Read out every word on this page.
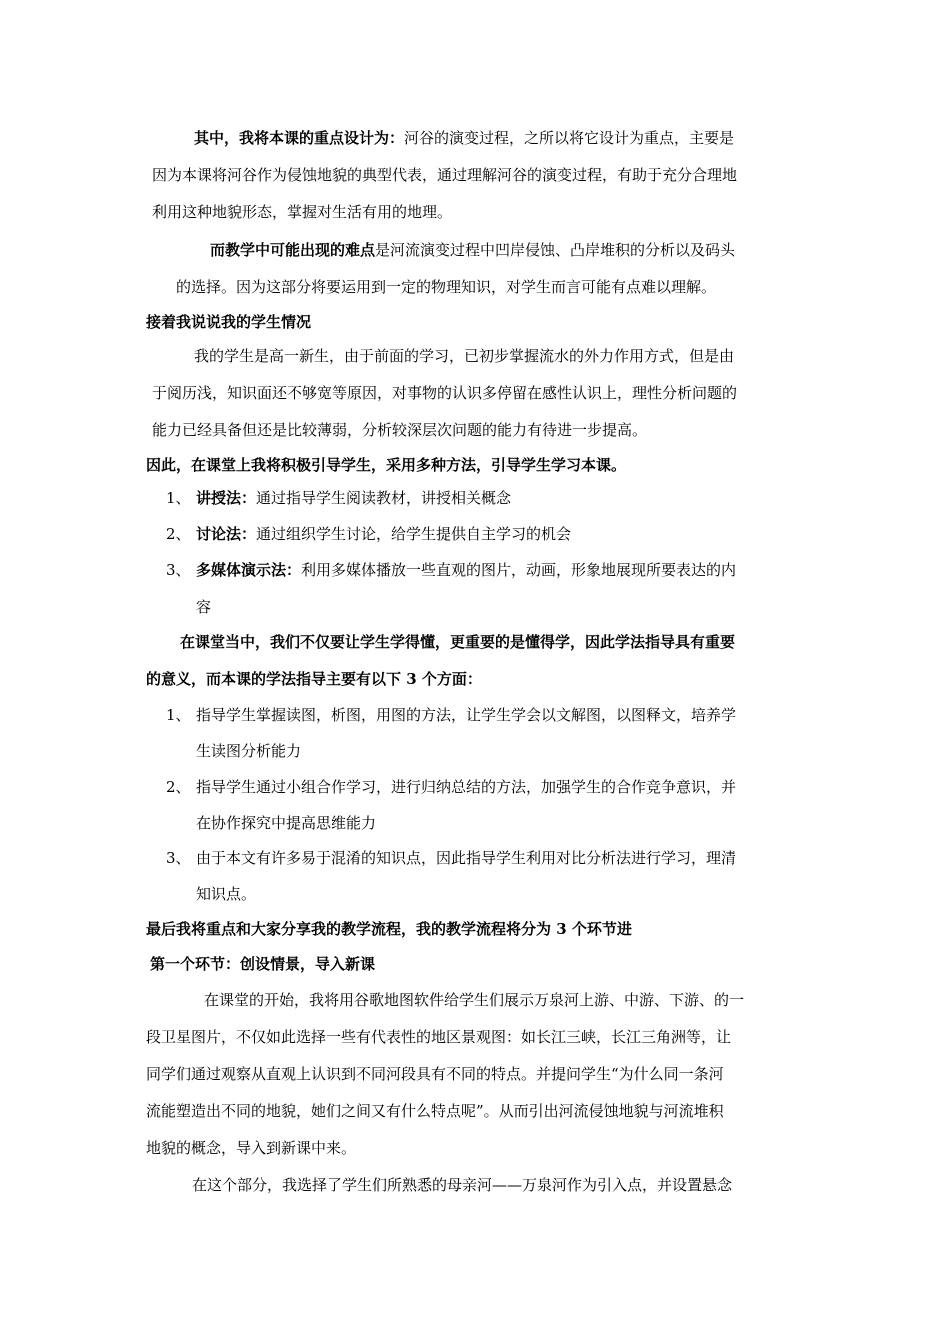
其中，我将本课的重点设计为：河谷的演变过程，之所以将它设计为重点，主要是
因为本课将河谷作为侵蚀地貌的典型代表，通过理解河谷的演变过程，有助于充分合理地
利用这种地貌形态，掌握对生活有用的地理。
而教学中可能出现的难点是河流演变过程中凹岸侵蚀、凸岸堆积的分析以及码头
的选择。因为这部分将要运用到一定的物理知识，对学生而言可能有点难以理解。
接着我说说我的学生情况
我的学生是高一新生，由于前面的学习，已初步掌握流水的外力作用方式，但是由
于阅历浅，知识面还不够宽等原因，对事物的认识多停留在感性认识上，理性分析问题的
能力已经具备但还是比较薄弱，分析较深层次问题的能力有待进一步提高。
因此，在课堂上我将积极引导学生，采用多种方法，引导学生学习本课。
1、 讲授法：通过指导学生阅读教材，讲授相关概念
2、 讨论法：通过组织学生讨论，给学生提供自主学习的机会
3、 多媒体演示法：利用多媒体播放一些直观的图片，动画，形象地展现所要表达的内
容
在课堂当中，我们不仅要让学生学得懂，更重要的是懂得学，因此学法指导具有重要
的意义，而本课的学法指导主要有以下 3 个方面：
1、 指导学生掌握读图，析图，用图的方法，让学生学会以文解图，以图释文，培养学
生读图分析能力
2、 指导学生通过小组合作学习，进行归纳总结的方法，加强学生的合作竞争意识，并
在协作探究中提高思维能力
3、 由于本文有许多易于混淆的知识点，因此指导学生利用对比分析法进行学习，理清
知识点。
最后我将重点和大家分享我的教学流程，我的教学流程将分为 3 个环节进
第一个环节：创设情景，导入新课
在课堂的开始，我将用谷歌地图软件给学生们展示万泉河上游、中游、下游、的一
段卫星图片，不仅如此选择一些有代表性的地区景观图：如长江三峡，长江三角洲等，让
同学们通过观察从直观上认识到不同河段具有不同的特点。并提问学生“为什么同一条河
流能塑造出不同的地貌，她们之间又有什么特点呢”。从而引出河流侵蚀地貌与河流堆积
地貌的概念，导入到新课中来。
在这个部分，我选择了学生们所熟悉的母亲河——万泉河作为引入点，并设置悬念
